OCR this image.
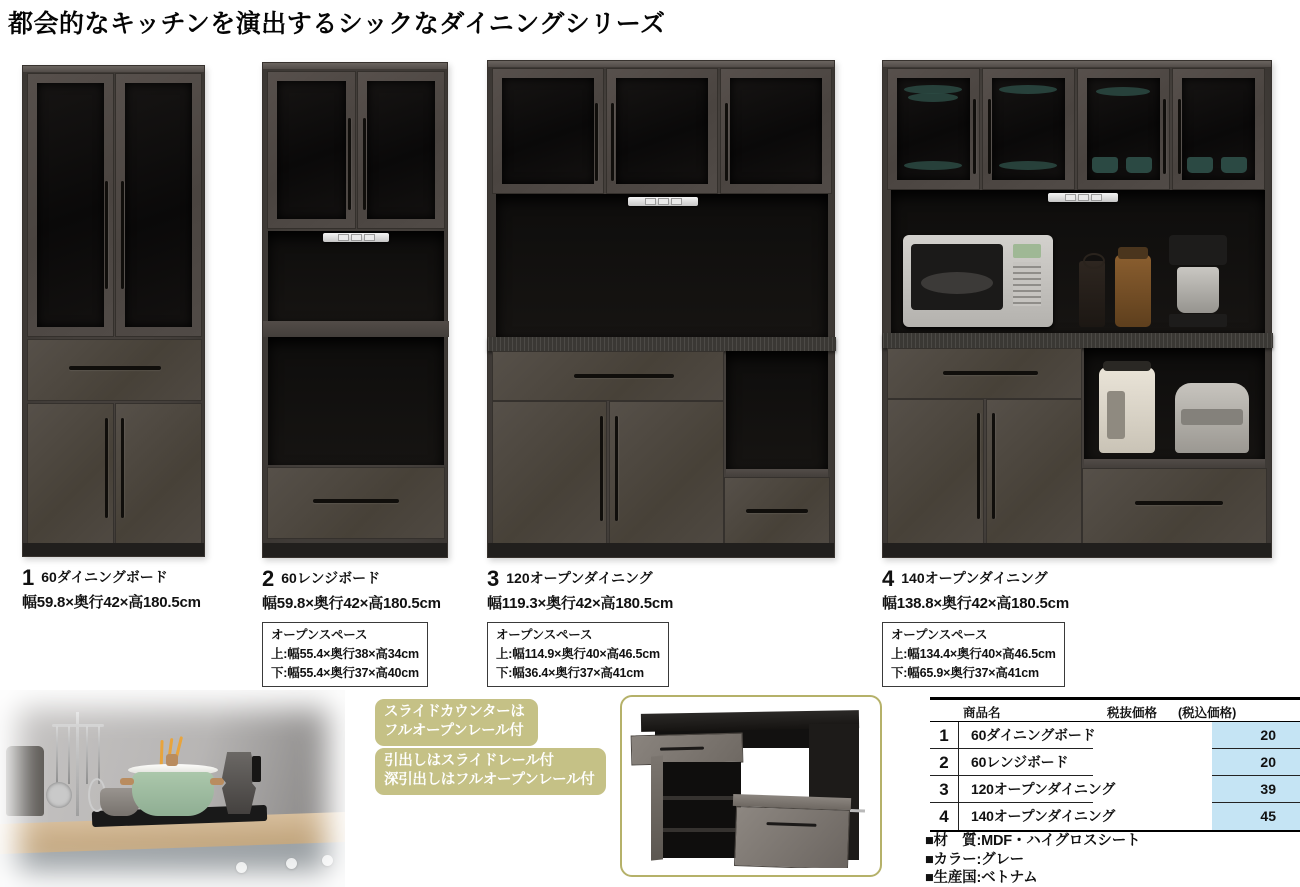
都会的なキッチンを演出するシックなダイニングシリーズ
1 60ダイニングボード
幅59.8×奥行42×高180.5cm
2 60レンジボード
幅59.8×奥行42×高180.5cm
オープンスペース
上:幅55.4×奥行38×高34cm
下:幅55.4×奥行37×高40cm
3 120オープンダイニング
幅119.3×奥行42×高180.5cm
オープンスペース
上:幅114.9×奥行40×高46.5cm
下:幅36.4×奥行37×高41cm
4 140オープンダイニング
幅138.8×奥行42×高180.5cm
オープンスペース
上:幅134.4×奥行40×高46.5cm
下:幅65.9×奥行37×高41cm
スライドカウンターは
フルオープンレール付
引出しはスライドレール付
深引出しはフルオープンレール付
商品名	税抜価格 (税込価格)
1	60ダイニングボード	20
2	60レンジボード	20
3	120オープンダイニング	39
4	140オープンダイニング	45
■材　質:MDF・ハイグロスシート
■カラー:グレー
■生産国:ベトナム
